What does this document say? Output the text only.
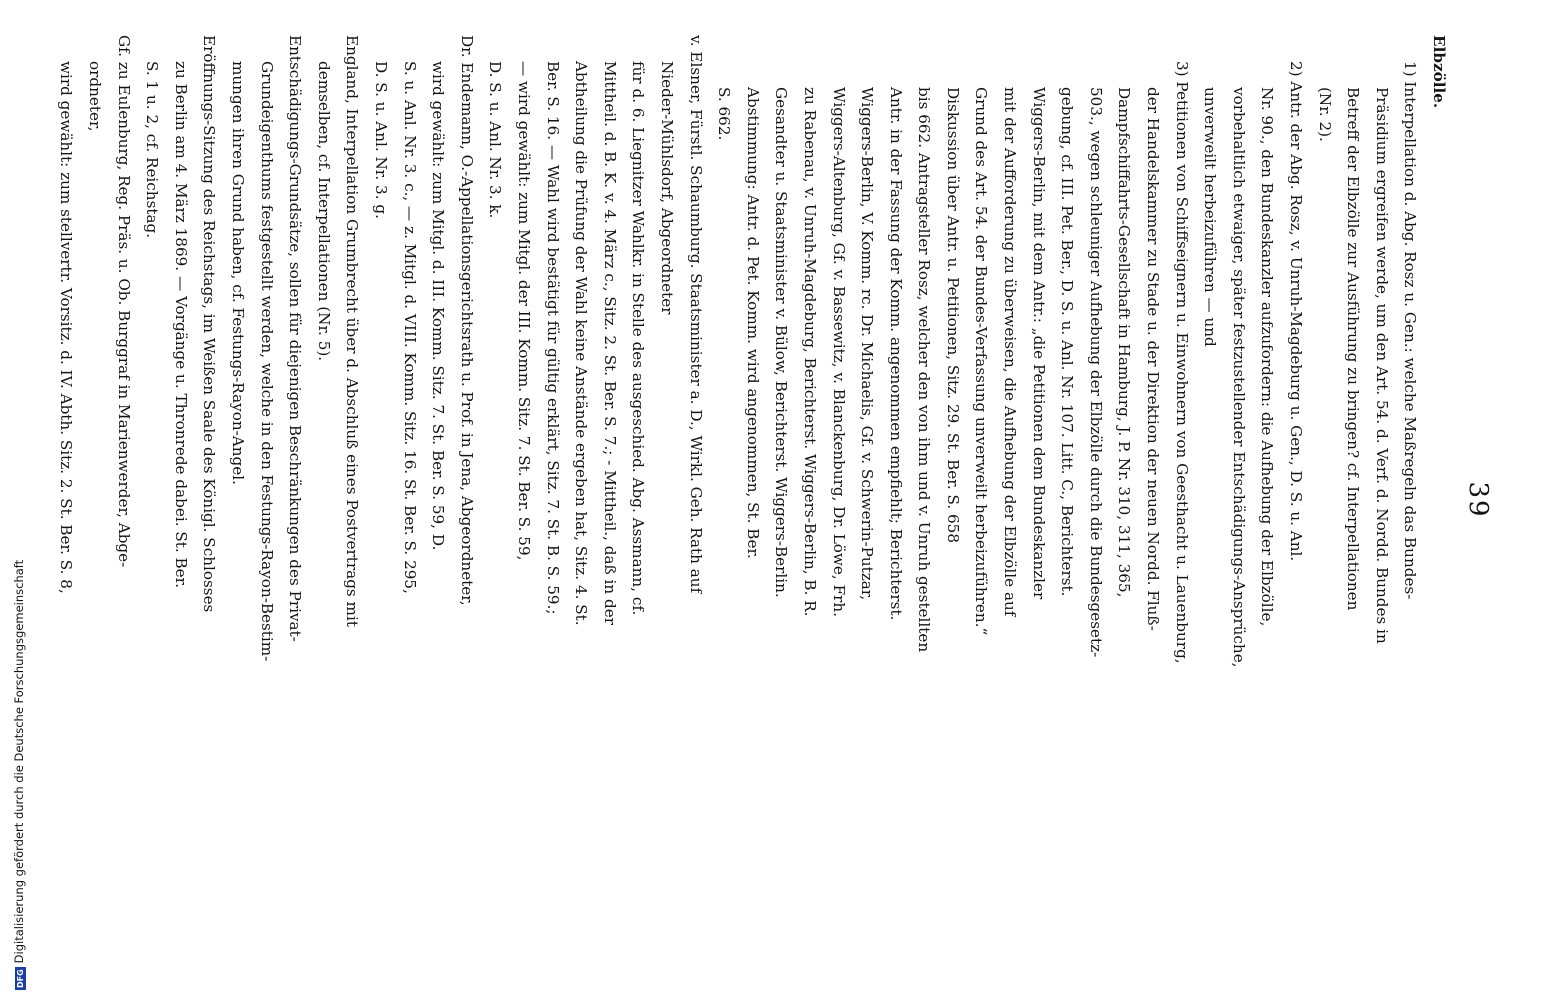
39
Elbzölle.
1) Interpellation d. Abg. Rosz u. Gen.: welche Maßregeln das Bundes-
Präsidium ergreifen werde, um den Art. 54. d. Verf. d. Nordd. Bundes in
Betreff der Elbzölle zur Ausführung zu bringen? cf. Interpellationen
(Nr. 2).
2) Antr. der Abg. Rosz, v. Unruh-Magdeburg u. Gen., D. S. u. Anl.
Nr. 90., den Bundeskanzler aufzufordern: die Aufhebung der Elbzölle,
vorbehaltlich etwaiger, später festzustellender Entschädigungs-Ansprüche,
unverweilt herbeizuführen — und
3) Petitionen von Schiffseignern u. Einwohnern von Geesthacht u. Lauenburg,
der Handelskammer zu Stade u. der Direktion der neuen Nordd. Fluß-
Dampfschiffahrts-Gesellschaft in Hamburg, J. P. Nr. 310, 311, 365,
503., wegen schleuniger Aufhebung der Elbzölle durch die Bundesgesetz-
gebung, cf. III. Pet. Ber., D. S. u. Anl. Nr. 107. Litt. C., Berichterst.
Wiggers-Berlin, mit dem Antr.: „die Petitionen dem Bundeskanzler
mit der Aufforderung zu überweisen, die Aufhebung der Elbzölle auf
Grund des Art. 54. der Bundes-Verfassung unverweilt herbeizuführen.“
Diskussion über Antr. u. Petitionen, Sitz. 29. St. Ber. S. 658
bis 662. Antragsteller Rosz, welcher den von ihm und v. Unruh gestellten
Antr. in der Fassung der Komm. angenommen empfiehlt; Berichterst.
Wiggers-Berlin, V. Komm. rc. Dr. Michaelis, Gf. v. Schwerin-Putzar,
Wiggers-Altenburg, Gf. v. Bassewitz, v. Blanckenburg, Dr. Löwe, Frh.
zu Rabenau, v. Unruh-Magdeburg, Berichterst. Wiggers-Berlin, B. R.
Gesandter u. Staatsminister v. Bülow, Berichterst. Wiggers-Berlin.
Abstimmung: Antr. d. Pet. Komm. wird angenommen, St. Ber.
S. 662.
v. Elsner, Fürstl. Schaumburg. Staatsminister a. D., Wirkl. Geh. Rath auf
Nieder-Mühlsdorf, Abgeordneter
für d. 6. Liegnitzer Wahlkr. in Stelle des ausgeschied. Abg. Assmann, cf.
Mittheil. d. B. K. v. 4. März c., Sitz. 2. St. Ber. S. 7.; - Mittheil., daß in der
Abtheilung die Prüfung der Wahl keine Anstände ergeben hat, Sitz. 4. St.
Ber. S. 16. — Wahl wird bestätigt für gültig erklärt, Sitz. 7. St. B. S. 59.;
— wird gewählt: zum Mitgl. der III. Komm. Sitz. 7. St. Ber. S. 59,
D. S. u. Anl. Nr. 3. k.
Dr. Endemann, O.-Appellationsgerichtsrath u. Prof. in Jena, Abgeordneter,
wird gewählt: zum Mitgl. d. III. Komm. Sitz. 7. St. Ber. S. 59, D.
S. u. Anl. Nr. 3. c., — z. Mitgl. d. VIII. Komm. Sitz. 16. St. Ber. S. 295,
D. S. u. Anl. Nr. 3. g.
England, Interpellation Grumbrecht über d. Abschluß eines Postvertrags mit
demselben, cf. Interpellationen (Nr. 5).
Entschädigungs-Grundsätze, sollen für diejenigen Beschränkungen des Privat-
Grundeigenthums festgestellt werden, welche in den Festungs-Rayon-Bestim-
mungen ihren Grund haben, cf. Festungs-Rayon-Angel.
Eröffnungs-Sitzung des Reichstags, im Weißen Saale des Königl. Schlosses
zu Berlin am 4. März 1869. — Vorgänge u. Thronrede dabei. St. Ber.
S. 1 u. 2, cf. Reichstag.
Gf. zu Eulenburg, Reg. Präs. u. Ob. Burggraf in Marienwerder, Abge-
ordneter,
wird gewählt: zum stellvertr. Vorsitz. d. IV. Abth. Sitz. 2. St. Ber. S. 8,
DFGDigitalisierung gefördert durch die Deutsche Forschungsgemeinschaft
